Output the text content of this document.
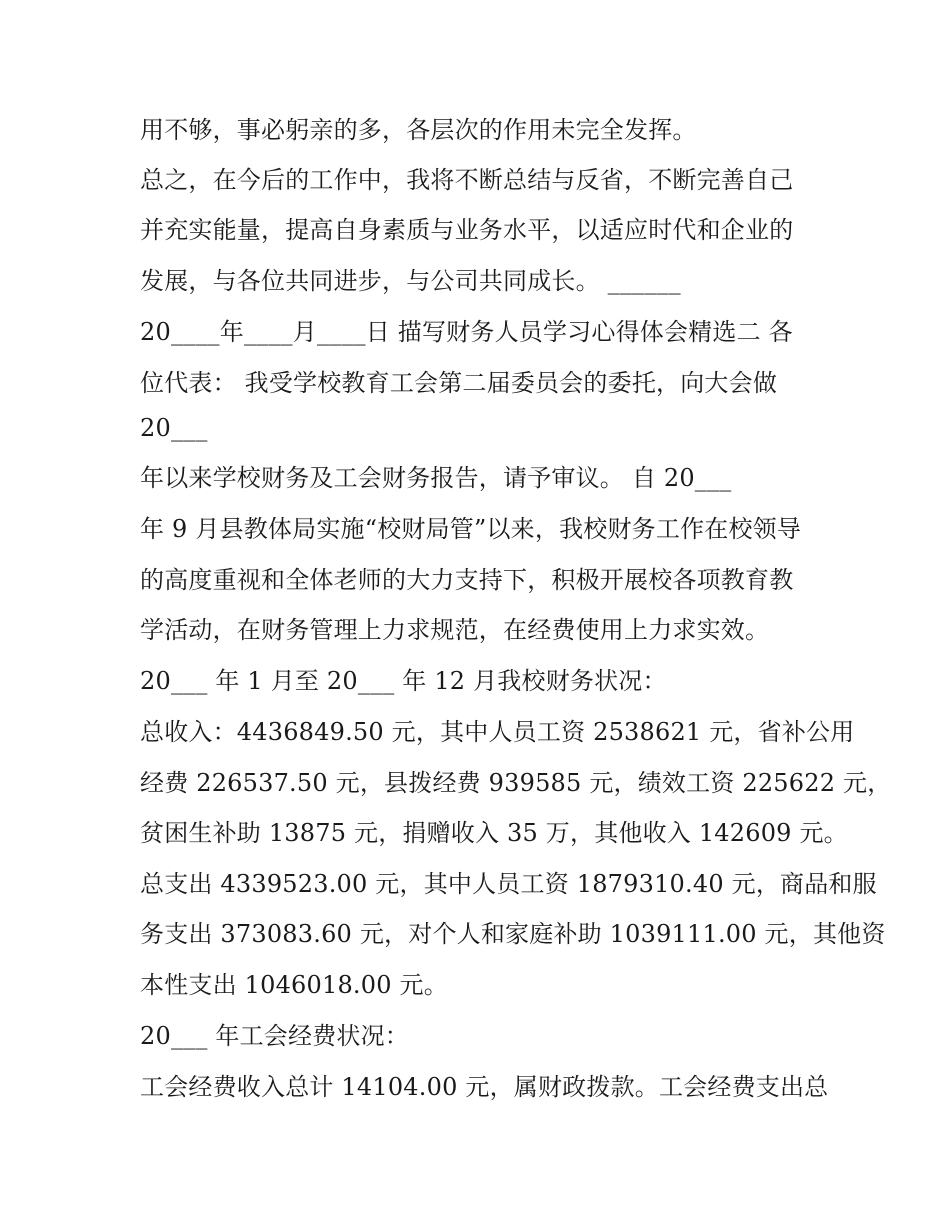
用不够，事必躬亲的多，各层次的作用未完全发挥。
总之，在今后的工作中，我将不断总结与反省，不断完善自己
并充实能量，提高自身素质与业务水平，以适应时代和企业的
发展，与各位共同进步，与公司共同成长。 ______
20____年____月____日 描写财务人员学习心得体会精选二 各
位代表： 我受学校教育工会第二届委员会的委托，向大会做
20___
年以来学校财务及工会财务报告，请予审议。 自 20___
年 9 月县教体局实施“校财局管”以来，我校财务工作在校领导
的高度重视和全体老师的大力支持下，积极开展校各项教育教
学活动，在财务管理上力求规范，在经费使用上力求实效。
20___ 年 1 月至 20___ 年 12 月我校财务状况：
总收入：4436849.50 元，其中人员工资 2538621 元，省补公用
经费 226537.50 元，县拨经费 939585 元，绩效工资 225622 元，
贫困生补助 13875 元，捐赠收入 35 万，其他收入 142609 元。
总支出 4339523.00 元，其中人员工资 1879310.40 元，商品和服
务支出 373083.60 元，对个人和家庭补助 1039111.00 元，其他资
本性支出 1046018.00 元。
20___ 年工会经费状况：
工会经费收入总计 14104.00 元，属财政拨款。工会经费支出总
